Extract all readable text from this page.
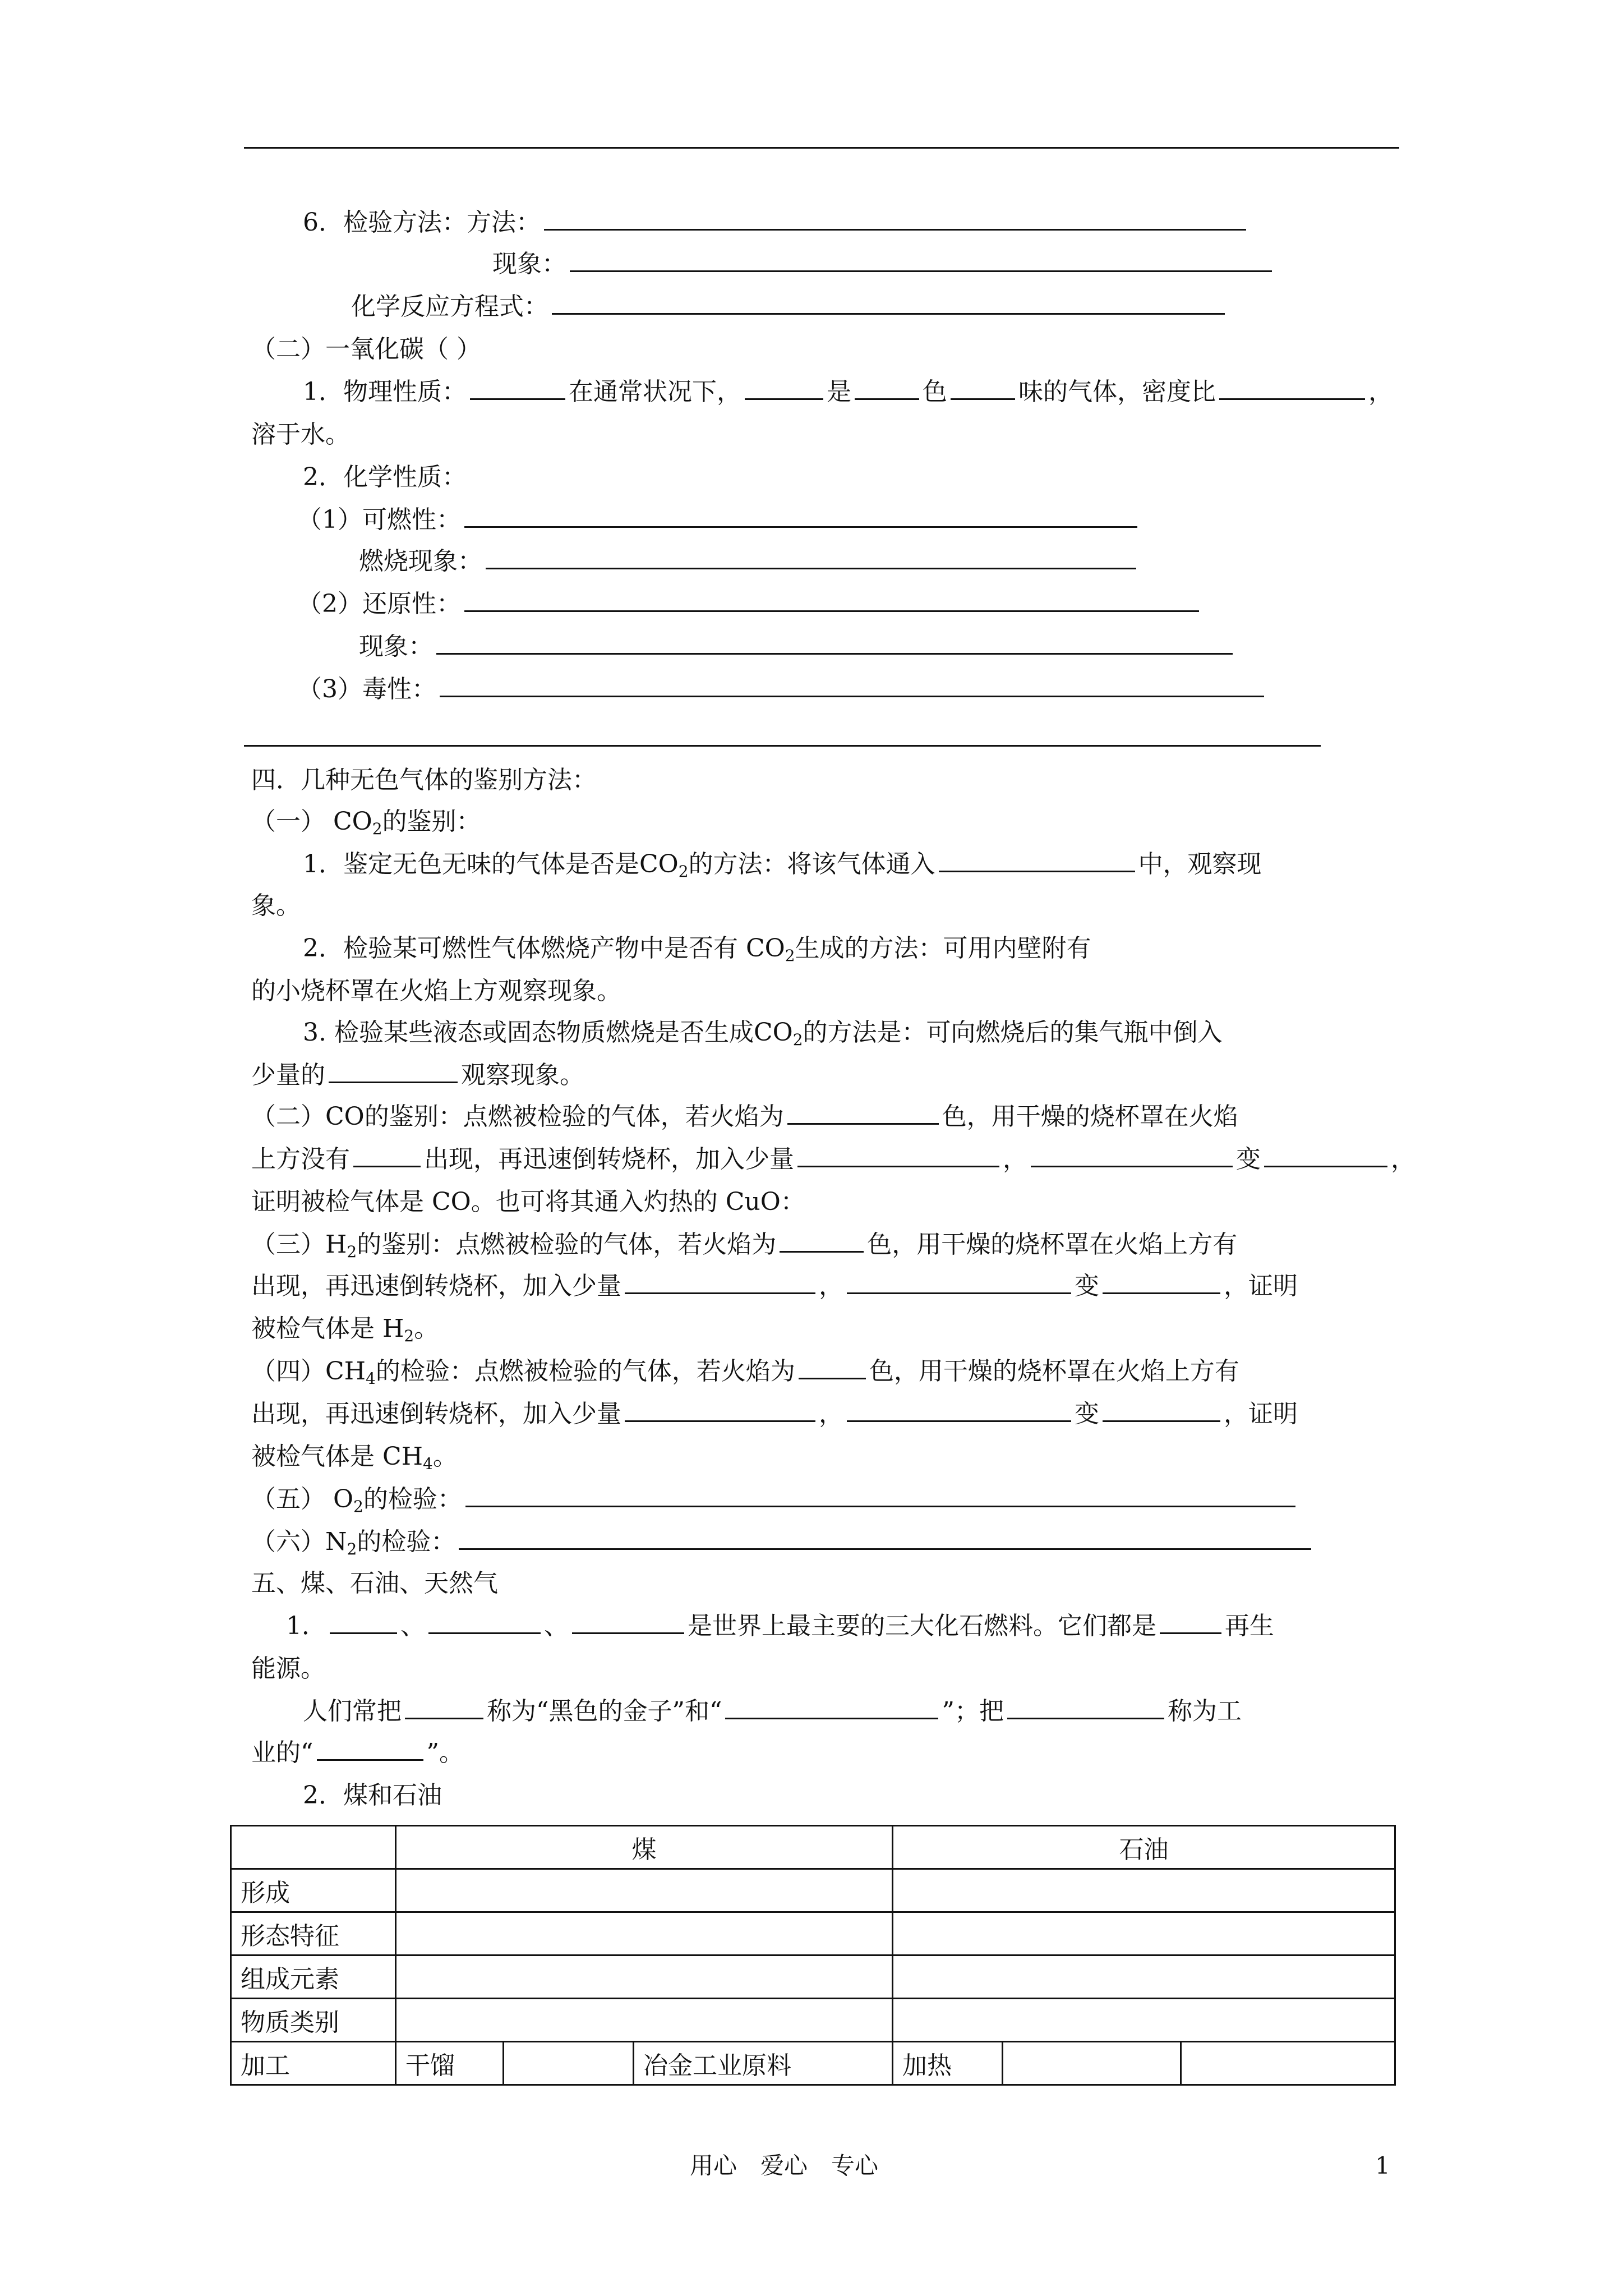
6．检验方法：方法：
现象：
化学反应方程式：
（二）一氧化碳（ ）
1．物理性质：	在通常状况下，	是	色	味的气体，密度比	，
溶于水。
2．化学性质：
（1）可燃性：
燃烧现象：
（2）还原性：
现象：
（3）毒性：
四．几种无色气体的鉴别方法：
（一） $CO_2$的鉴别：
1．鉴定无色无味的气体是否是$CO_2$的方法：将该气体通入	中，观察现
象。
2．检验某可燃性气体燃烧产物中是否有 $CO_2$生成的方法：可用内壁附有
的小烧杯罩在火焰上方观察现象。
3. 检验某些液态或固态物质燃烧是否生成$CO_2$的方法是：可向燃烧后的集气瓶中倒入
少量的	观察现象。
（二）CO的鉴别：点燃被检验的气体，若火焰为	色，用干燥的烧杯罩在火焰
上方没有	出现，再迅速倒转烧杯，加入少量	，	变	，
证明被检气体是 CO。也可将其通入灼热的 CuO：
（三）$H_2$的鉴别：点燃被检验的气体，若火焰为	色，用干燥的烧杯罩在火焰上方有
出现，再迅速倒转烧杯，加入少量	，	变	，证明
被检气体是 $H_2$。
（四）$CH_4$的检验：点燃被检验的气体，若火焰为	色，用干燥的烧杯罩在火焰上方有
出现，再迅速倒转烧杯，加入少量	，	变	，证明
被检气体是 $CH_4$。
（五） $O_2$的检验：
（六）$N_2$的检验：
五、煤、石油、天然气
1．	、	、	是世界上最主要的三大化石燃料。它们都是	再生
能源。
人们常把	称为“黑色的金子”和“	”；把	称为工
业的“	”。
2．煤和石油
	煤			石油		
形成						
形态特征						
组成元素						
物质类别						
加工	干馏		冶金工业原料	加热		
用心　爱心　专心	1
